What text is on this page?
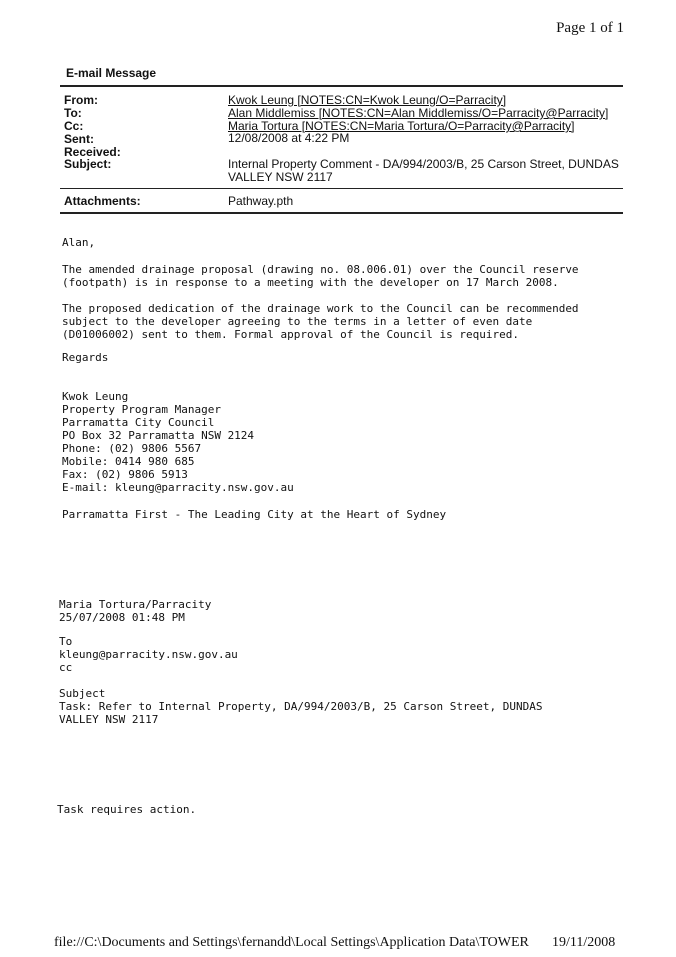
Page 1 of 1
E-mail Message
From:
To:
Cc:
Sent:
Received:
Subject:
Kwok Leung [NOTES:CN=Kwok Leung/O=Parracity]
Alan Middlemiss [NOTES:CN=Alan Middlemiss/O=Parracity@Parracity]
Maria Tortura [NOTES:CN=Maria Tortura/O=Parracity@Parracity]
12/08/2008 at 4:22 PM
Internal Property Comment - DA/994/2003/B, 25 Carson Street, DUNDAS
VALLEY NSW 2117
Attachments:	Pathway.pth
Alan,
The amended drainage proposal (drawing no. 08.006.01) over the Council reserve
(footpath) is in response to a meeting with the developer on 17 March 2008.
The proposed dedication of the drainage work to the Council can be recommended
subject to the developer agreeing to the terms in a letter of even date
(D01006002) sent to them. Formal approval of the Council is required.
Regards
Kwok Leung
Property Program Manager
Parramatta City Council
PO Box 32 Parramatta NSW 2124
Phone: (02) 9806 5567
Mobile: 0414 980 685
Fax: (02) 9806 5913
E-mail: kleung@parracity.nsw.gov.au
Parramatta First - The Leading City at the Heart of Sydney
Maria Tortura/Parracity
25/07/2008 01:48 PM
To
kleung@parracity.nsw.gov.au
cc
Subject
Task: Refer to Internal Property, DA/994/2003/B, 25 Carson Street, DUNDAS
VALLEY NSW 2117
Task requires action.
file://C:\Documents and Settings\fernandd\Local Settings\Application Data\TOWER 19/11/2008
